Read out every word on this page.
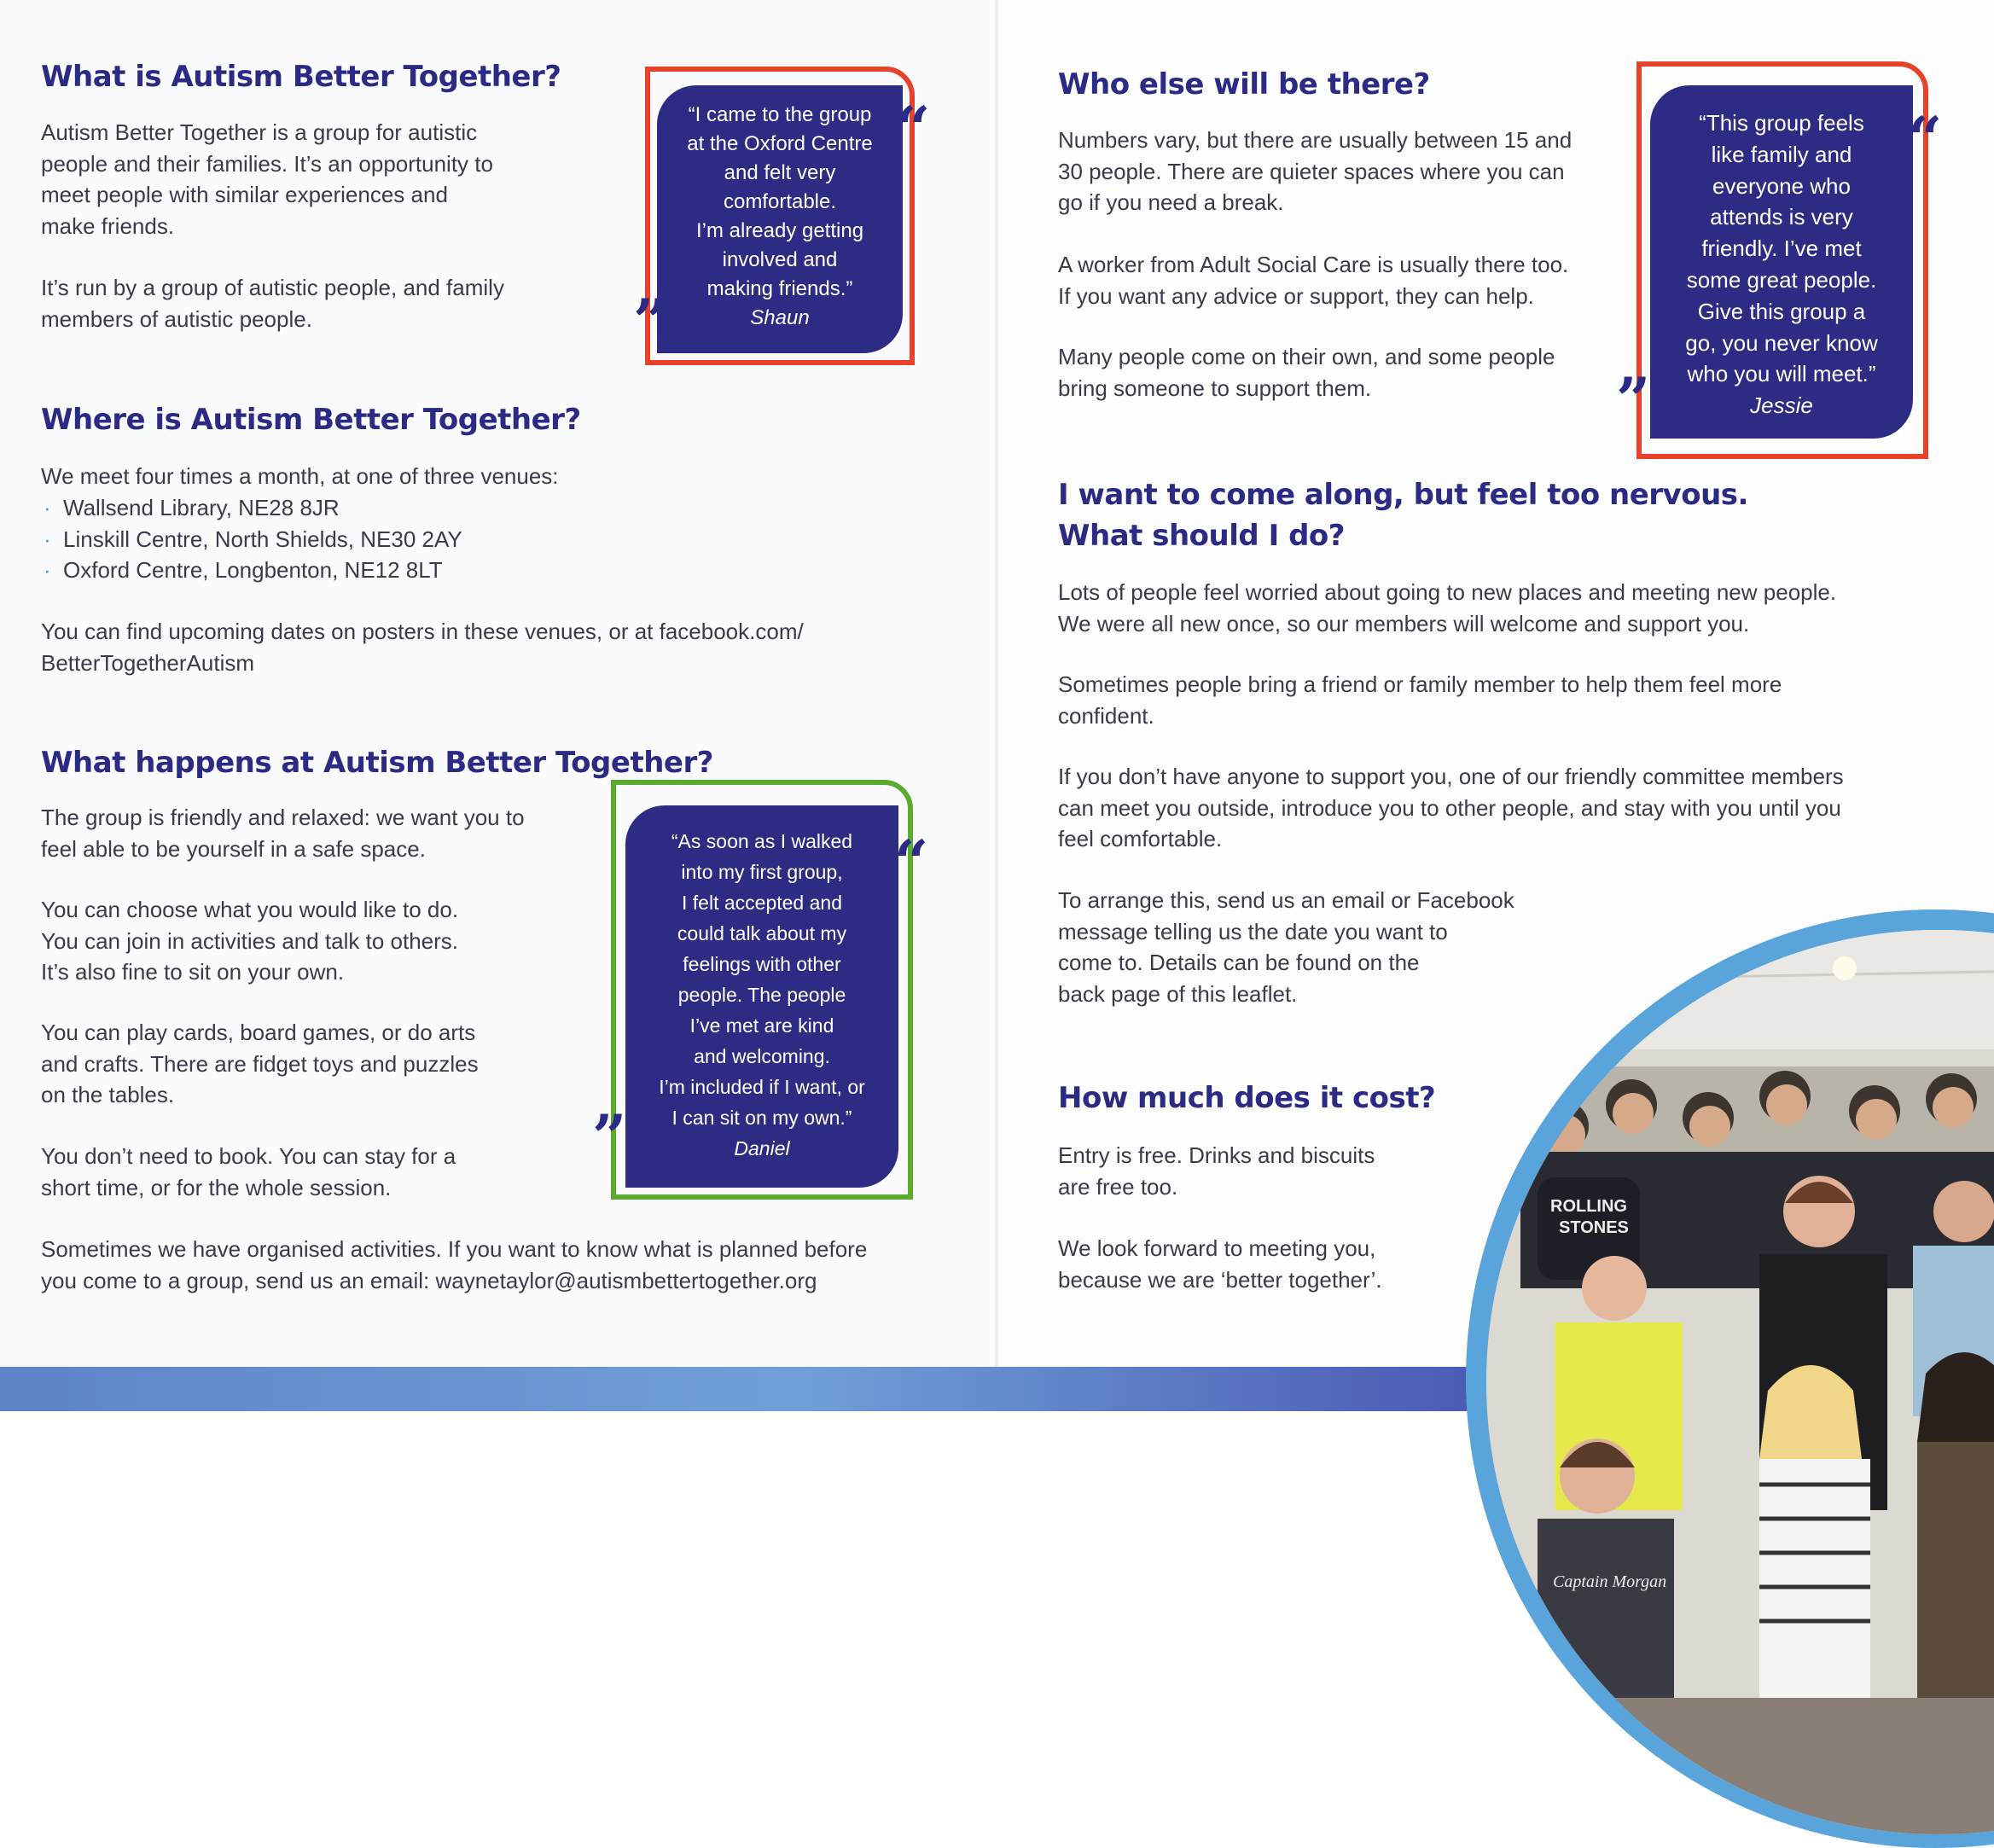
What is Autism Better Together?
Autism Better Together is a group for autistic
people and their families. It’s an opportunity to
meet people with similar experiences and
make friends.
It’s run by a group of autistic people, and family
members of autistic people.
“I came to the group
at the Oxford Centre
and felt very
comfortable.
I’m already getting
involved and
making friends.”
Shaun
“
”
Where is Autism Better Together?
We meet four times a month, at one of three venues:
· Wallsend Library, NE28 8JR
· Linskill Centre, North Shields, NE30 2AY
· Oxford Centre, Longbenton, NE12 8LT
You can find upcoming dates on posters in these venues, or at facebook.com/
BetterTogetherAutism
What happens at Autism Better Together?
The group is friendly and relaxed: we want you to
feel able to be yourself in a safe space.
You can choose what you would like to do.
You can join in activities and talk to others.
It’s also fine to sit on your own.
You can play cards, board games, or do arts
and crafts. There are fidget toys and puzzles
on the tables.
You don’t need to book. You can stay for a
short time, or for the whole session.
Sometimes we have organised activities. If you want to know what is planned before
you come to a group, send us an email: waynetaylor@autismbettertogether.org
“As soon as I walked
into my first group,
I felt accepted and
could talk about my
feelings with other
people. The people
I’ve met are kind
and welcoming.
I’m included if I want, or
I can sit on my own.”
Daniel
“
”
Who else will be there?
Numbers vary, but there are usually between 15 and
30 people. There are quieter spaces where you can
go if you need a break.
A worker from Adult Social Care is usually there too.
If you want any advice or support, they can help.
Many people come on their own, and some people
bring someone to support them.
“This group feels
like family and
everyone who
attends is very
friendly. I’ve met
some great people.
Give this group a
go, you never know
who you will meet.”
Jessie
“
”
I want to come along, but feel too nervous.
What should I do?
Lots of people feel worried about going to new places and meeting new people.
We were all new once, so our members will welcome and support you.
Sometimes people bring a friend or family member to help them feel more
confident.
If you don’t have anyone to support you, one of our friendly committee members
can meet you outside, introduce you to other people, and stay with you until you
feel comfortable.
ROLLING
STONES
Captain Morgan
To arrange this, send us an email or Facebook
message telling us the date you want to
come to. Details can be found on the
back page of this leaflet.
How much does it cost?
Entry is free. Drinks and biscuits
are free too.
We look forward to meeting you,
because we are ‘better together’.
